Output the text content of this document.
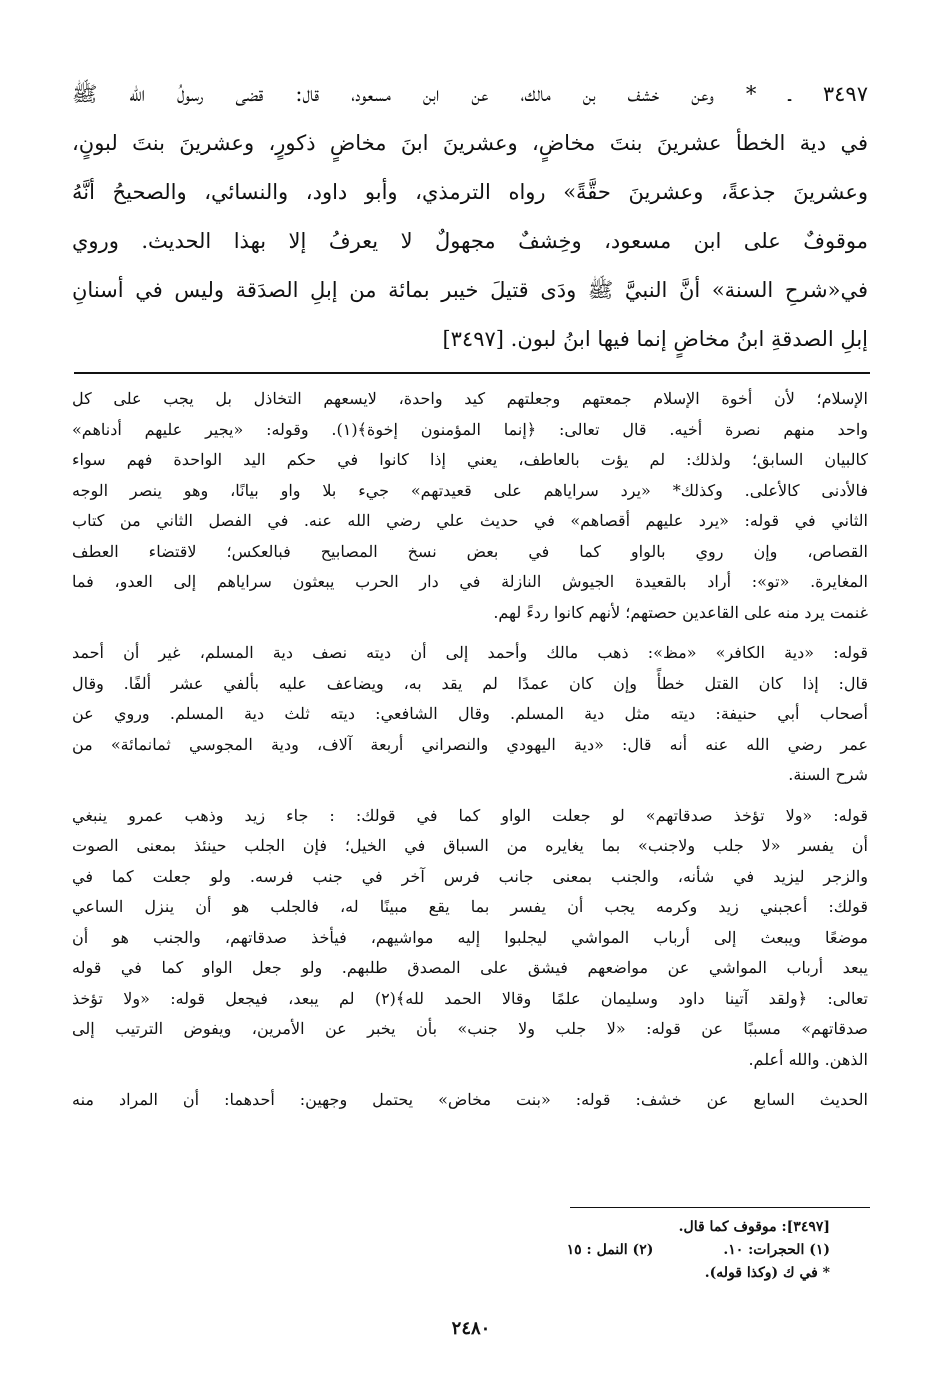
٣٤٩٧ ـ * وعن خشف بن مالك، عن ابن مسعود، قال: قضى رسولُ الله ﷺ
في دية الخطأ عشرينَ بنتَ مخاضٍ، وعشرينَ ابنَ مخاضٍ ذكورٍ، وعشرينَ بنتَ لبونٍ،
وعشرينَ جذعةً، وعشرينَ حقَّةً» رواه الترمذي، وأبو داود، والنسائي، والصحيحُ أنَّهُ
موقوفٌ على ابن مسعود، وخِشفٌ مجهولٌ لا يعرفُ إلا بهذا الحديث. وروي
في«شرحِ السنة» أنَّ النبيَّ ﷺ ودَى قتيلَ خيبر بمائة من إبلِ الصدَقة وليس في أسنانِ
إبلِ الصدقةِ ابنُ مخاضٍ إنما فيها ابنُ لبون. [٣٤٩٧]
الإسلام؛ لأن أخوة الإسلام جمعتهم وجعلتهم كيد واحدة، لايسعهم التخاذل بل يجب على كل
واحد منهم نصرة أخيه. قال تعالى: ﴿إنما المؤمنون إخوة﴾(١). وقوله: «يجير عليهم أدناهم»
كالبيان السابق؛ ولذلك: لم يؤت بالعاطف، يعني إذا كانوا في حكم اليد الواحدة فهم سواء
فالأدنى كالأعلى. وكذلك* «يرد سراياهم على قعيدتهم» جيء بلا واو بيانًا، وهو ينصر الوجه
الثاني في قوله: «يرد عليهم أقصاهم» في حديث علي رضي الله عنه. في الفصل الثاني من كتاب
القصاص، وإن روي بالواو كما في بعض نسخ المصابيح فبالعكس؛ لاقتضاء العطف
المغايرة. «تو»: أراد بالقعيدة الجيوش النازلة في دار الحرب يبعثون سراياهم إلى العدو، فما
غنمت يرد منه على القاعدين حصتهم؛ لأنهم كانوا ردءً لهم.
قوله: «دية الكافر» «مظ»: ذهب مالك وأحمد إلى أن ديته نصف دية المسلم، غير أن أحمد
قال: إذا كان القتل خطأً وإن كان عمدًا لم يقد به، ويضاعف عليه بألفي عشر ألفًا. وقال
أصحاب أبي حنيفة: ديته مثل دية المسلم. وقال الشافعي: ديته ثلث دية المسلم. وروي عن
عمر رضي الله عنه أنه قال: «دية اليهودي والنصراني أربعة آلاف، ودية المجوسي ثمانمائة» من
شرح السنة.
قوله: «ولا تؤخذ صدقاتهم» لو جعلت الواو كما في قولك: : جاء زيد وذهب عمرو ينبغي
أن يفسر «لا جلب ولاجنب» بما يغايره من السباق في الخيل؛ فإن الجلب حينئذ بمعنى الصوت
والزجر ليزيد في شأنه، والجنب بمعنى جانب فرس آخر في جنب فرسه. ولو جعلت كما في
قولك: أعجبني زيد وكرمه يجب أن يفسر بما يقع مبينًا له، فالجلب هو أن ينزل الساعي
موضعًا ويبعث إلى أرباب المواشي ليجلبوا إليه مواشيهم، فيأخذ صدقاتهم، والجنب هو أن
يبعد أرباب المواشي عن مواضعهم فيشق على المصدق طلبهم. ولو جعل الواو كما في قوله
تعالى: ﴿ولقد آتينا داود وسليمان علمًا وقالا الحمد لله﴾(٢) لم يبعد، فيجعل قوله: «ولا تؤخذ
صدقاتهم» مسببًا عن قوله: «لا جلب ولا جنب» بأن يخبر عن الأمرين، ويفوض الترتيب إلى
الذهن. والله أعلم.
الحديث السابع عن خشف: قوله: «بنت مخاض» يحتمل وجهين: أحدهما: أن المراد منه
[٣٤٩٧]: موقوف كما قال.
(١) الحجرات: ١٠.
(٢) النمل : ١٥
* في ك (وكذا قوله).
٢٤٨٠
